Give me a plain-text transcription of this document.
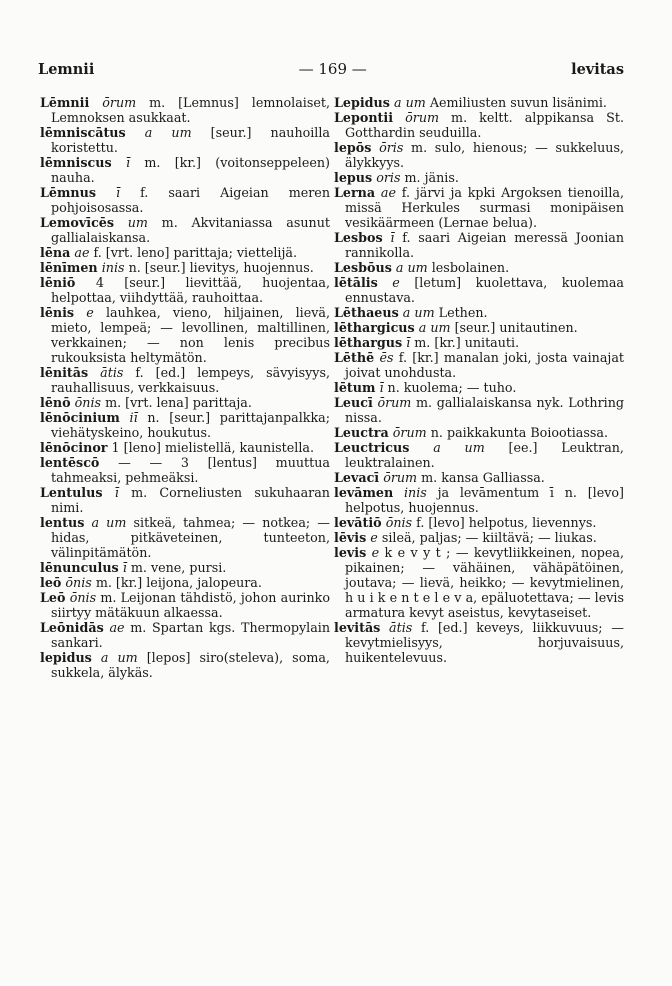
Lemnii	— 169 —	levitas

Lēmnii ōrum m. [Lemnus] lemnolaiset, Lemnoksen asukkaat.

lēmniscātus a um [seur.] nauhoilla koristettu.

lēmniscus ī m. [kr.] (voitonseppeleen) nauha.

Lēmnus ī f. saari Aigeian meren pohjoisosassa.

Lemovīcēs um m. Akvitaniassa asunut gallialaiskansa.

lēna ae f. [vrt. leno] parittaja; viettelijä.

lēnīmen inis n. [seur.] lievitys, huojennus.

lēniō 4 [seur.] lievittää, huojentaa, helpottaa, viihdyttää, rauhoittaa.

lēnis e lauhkea, vieno, hiljainen, lievä, mieto, lempeä; — levollinen, maltillinen, verkkainen; — non lenis precibus rukouksista heltymätön.

lēnitās ātis f. [ed.] lempeys, sävyisyys, rauhallisuus, verkkaisuus.

lēnō ōnis m. [vrt. lena] parittaja.

lēnōcinium iī n. [seur.] parittajanpalkka; viehätyskeino, houkutus.

lēnōcinor 1 [leno] mielistellä, kaunistella.

lentēscō — — 3 [lentus] muuttua tahmeaksi, pehmeäksi.

Lentulus ī m. Corneliusten sukuhaaran nimi.

lentus a um sitkeä, tahmea; — notkea; — hidas, pitkäveteinen, tunteeton, välinpitämätön.

lēnunculus ī m. vene, pursi.

leō ōnis m. [kr.] leijona, jalopeura.

Leō ōnis m. Leijonan tähdistö, johon aurinko siirtyy mätäkuun alkaessa.

Leōnidās ae m. Spartan kgs. Thermopylain sankari.

lepidus a um [lepos] siro(steleva), soma, sukkela, älykäs.

Lepidus a um Aemiliusten suvun lisänimi.

Lepontii ōrum m. keltt. alppikansa St. Gotthardin seuduilla.

lepōs ōris m. sulo, hienous; — sukkeluus, älykkyys.

lepus oris m. jänis.

Lerna ae f. järvi ja kpki Argoksen tienoilla, missä Herkules surmasi monipäisen vesikäärmeen (Lernae belua).

Lesbos ī f. saari Aigeian meressä Joonian rannikolla.

Lesbōus a um lesbolainen.

lētālis e [letum] kuolettava, kuolemaa ennustava.

Lēthaeus a um Lethen.

lēthargicus a um [seur.] unitautinen.

lēthargus ī m. [kr.] unitauti.

Lēthē ēs f. [kr.] manalan joki, josta vainajat joivat unohdusta.

lētum ī n. kuolema; — tuho.

Leucī ōrum m. gallialaiskansa nyk. Lothring nissa.

Leuctra ōrum n. paikkakunta Boiootiassa.

Leuctricus a um [ee.] Leuktran, leuktralainen.

Levacī ōrum m. kansa Galliassa.

levāmen inis ja levāmentum ī n. [levo] helpotus, huojennus.

levātiō ōnis f. [levo] helpotus, lievennys.

lēvis e sileä, paljas; — kiiltävä; — liukas.

levis e k e v y t ; — kevytliikkeinen, nopea, pikainen; — vähäinen, vähäpätöinen, joutava; — lievä, heikko; — kevytmielinen, h u i k e n t e l e v a, epäluotettava; — levis armatura kevyt aseistus, kevytaseiset.

levitās ātis f. [ed.] keveys, liikkuvuus; — kevytmielisyys, horjuvaisuus, huikentelevuus.
